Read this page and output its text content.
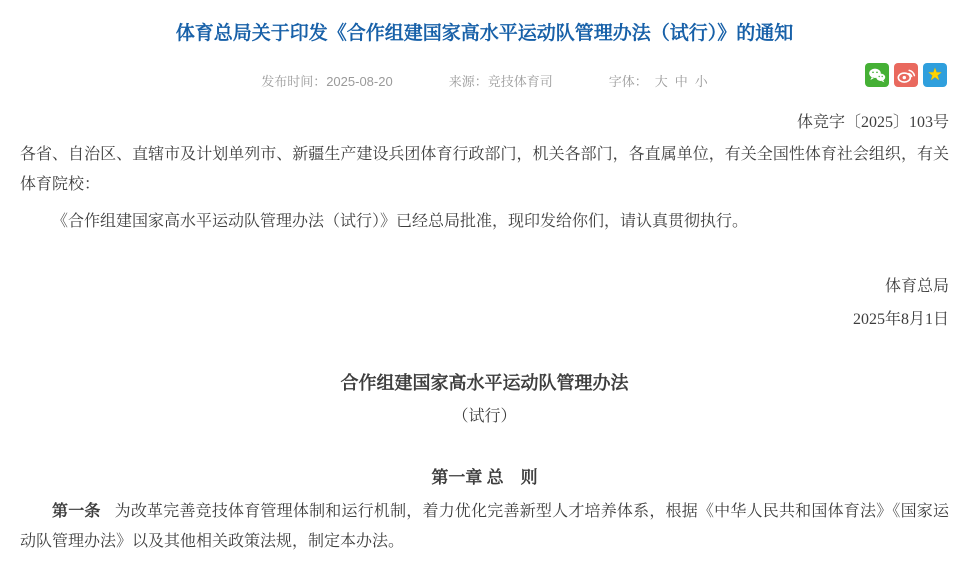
体育总局关于印发《合作组建国家高水平运动队管理办法（试行）》的通知
发布时间：2025-08-20	来源：竞技体育司	字体： 大 中 小	★

体竞字〔2025〕103号

各省、自治区、直辖市及计划单列市、新疆生产建设兵团体育行政部门，机关各部门，各直属单位，有关全国性体育社会组织，有关体育院校：

《合作组建国家高水平运动队管理办法（试行）》已经总局批准，现印发给你们，请认真贯彻执行。

体育总局

2025年8月1日

合作组建国家高水平运动队管理办法

（试行）

第一章 总　则

第一条 为改革完善竞技体育管理体制和运行机制，着力优化完善新型人才培养体系，根据《中华人民共和国体育法》《国家运动队管理办法》以及其他相关政策法规，制定本办法。
